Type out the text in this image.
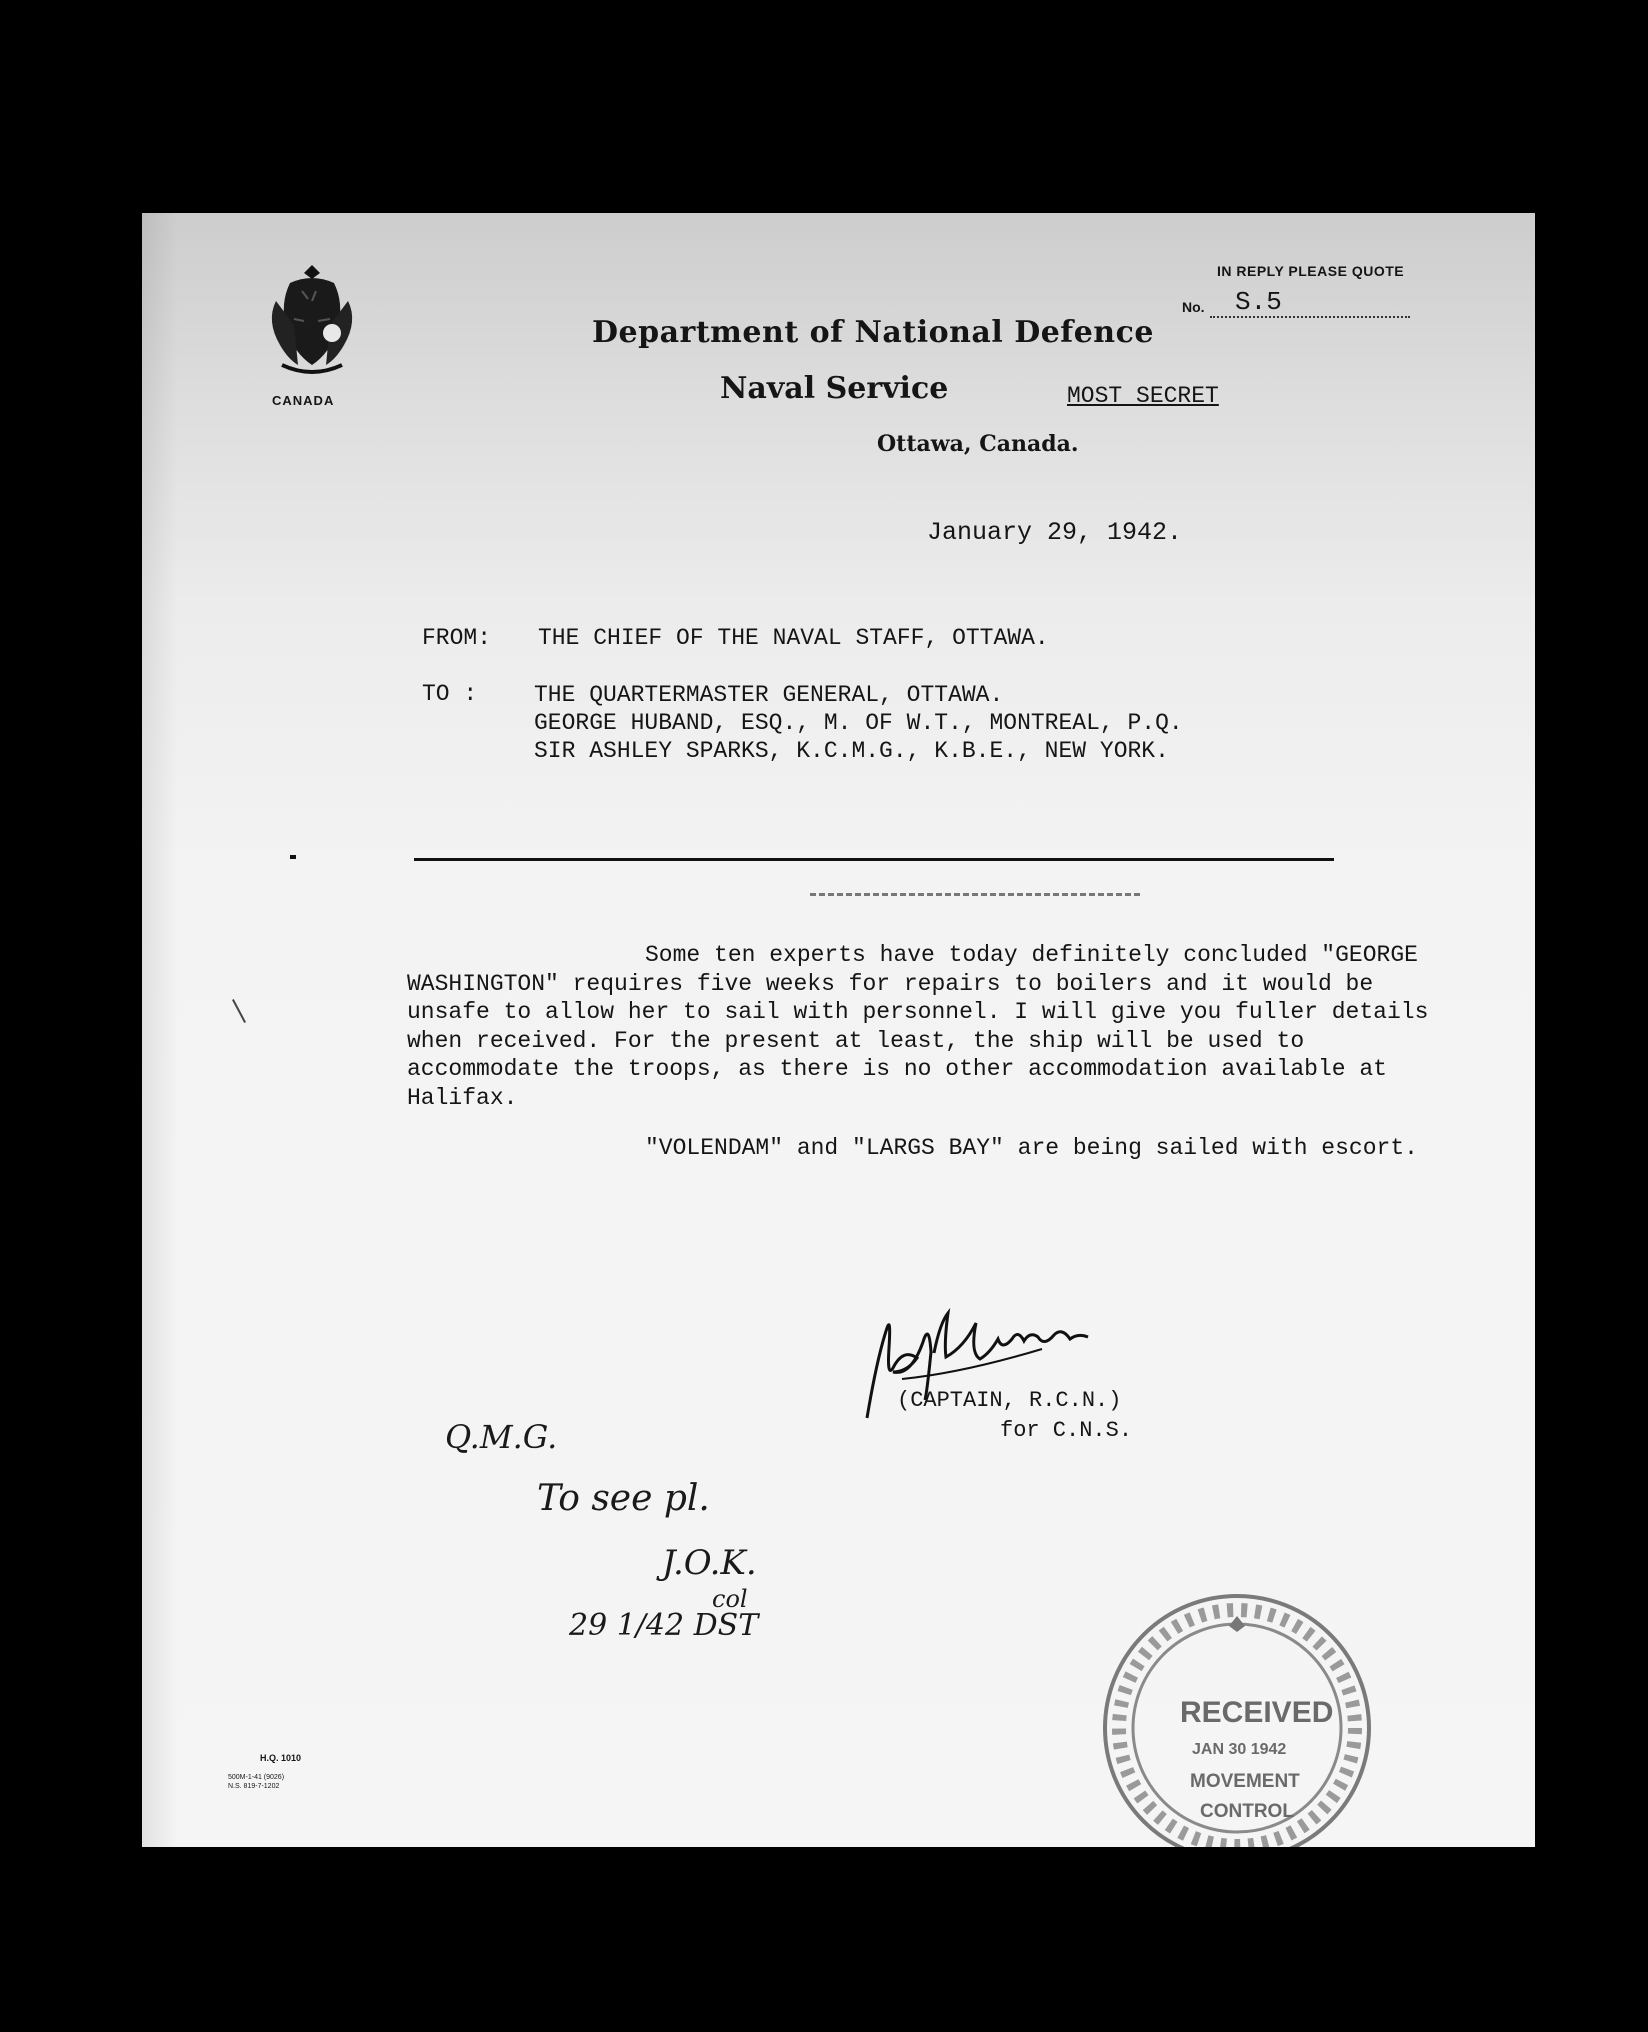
CANADA
IN REPLY PLEASE QUOTE
No. S.5
Department of National Defence
Naval Service	MOST SECRET
Ottawa, Canada.
January 29, 1942.
FROM: THE CHIEF OF THE NAVAL STAFF, OTTAWA.
TO : THE QUARTERMASTER GENERAL, OTTAWA.
GEORGE HUBAND, ESQ., M. OF W.T., MONTREAL, P.Q.
SIR ASHLEY SPARKS, K.C.M.G., K.B.E., NEW YORK.

Some ten experts have today definitely concluded "GEORGE WASHINGTON" requires five weeks for repairs to boilers and it would be unsafe to allow her to sail with personnel. I will give you fuller details when received. For the present at least, the ship will be used to accommodate the troops, as there is no other accommodation available at Halifax.

"VOLENDAM" and "LARGS BAY" are being sailed with escort.

(CAPTAIN, R.C.N.)
for C.N.S.
Q.M.G.
To see pl.
J.O.K.
col
29 1/42 DST
H.Q. 1010
500M-1-41 (9026)
N.S. 819-7-1202
RECEIVED
JAN 30 1942
MOVEMENT
CONTROL
